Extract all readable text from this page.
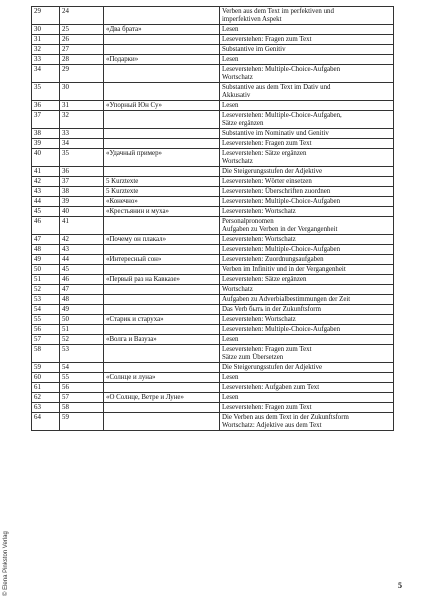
29	24		Verben aus dem Text im perfektiven und
imperfektiven Aspekt

30	25	«Два брата»	Lesen

31	26		Leseverstehen: Fragen zum Text

32	27		Substantive im Genitiv

33	28	«Подарки»	Lesen

34	29		Leseverstehen: Multiple-Choice-Aufgaben
Wortschatz

35	30		Substantive aus dem Text im Dativ und
Akkusativ

36	31	«Упорный Юн Су»	Lesen

37	32		Leseverstehen: Multiple-Choice-Aufgaben,
Sätze ergänzen

38	33		Substantive im Nominativ und Genitiv

39	34		Leseverstehen: Fragen zum Text

40	35	«Удачный пример»	Leseverstehen: Sätze ergänzen
Wortschatz

41	36		Die Steigerungsstufen der Adjektive

42	37	5 Kurztexte	Leseverstehen: Wörter einsetzen

43	38	5 Kurztexte	Leseverstehen: Überschriften zuordnen

44	39	«Конечно»	Leseverstehen: Multiple-Choice-Aufgaben

45	40	«Крестьянин и муха»	Leseverstehen: Wortschatz

46	41		Personalpronomen
Aufgaben zu Verben in der Vergangenheit

47	42	«Почему он плакал»	Leseverstehen: Wortschatz

48	43		Leseverstehen: Multiple-Choice-Aufgaben

49	44	«Интересный сон»	Leseverstehen: Zuordnungsaufgaben

50	45		Verben im Infinitiv und in der Vergangenheit

51	46	«Первый раз на Кавказе»	Leseverstehen: Sätze ergänzen

52	47		Wortschatz

53	48		Aufgaben zu Adverbialbestimmungen der Zeit

54	49		Das Verb быть in der Zukunftsform

55	50	«Старик и старуха»	Leseverstehen: Wortschatz

56	51		Leseverstehen: Multiple-Choice-Aufgaben

57	52	«Волга и Вазуза»	Lesen

58	53		Leseverstehen: Fragen zum Text
Sätze zum Übersetzen

59	54		Die Steigerungsstufen der Adjektive

60	55	«Солнце и луна»	Lesen

61	56		Leseverstehen: Aufgaben zum Text

62	57	«О Солнце, Ветре и Луне»	Lesen

63	58		Leseverstehen: Fragen zum Text

64	59		Die Verben aus dem Text in der Zukunftsform
Wortschatz: Adjektive aus dem Text
© Elena Pinkston Verlag	5
